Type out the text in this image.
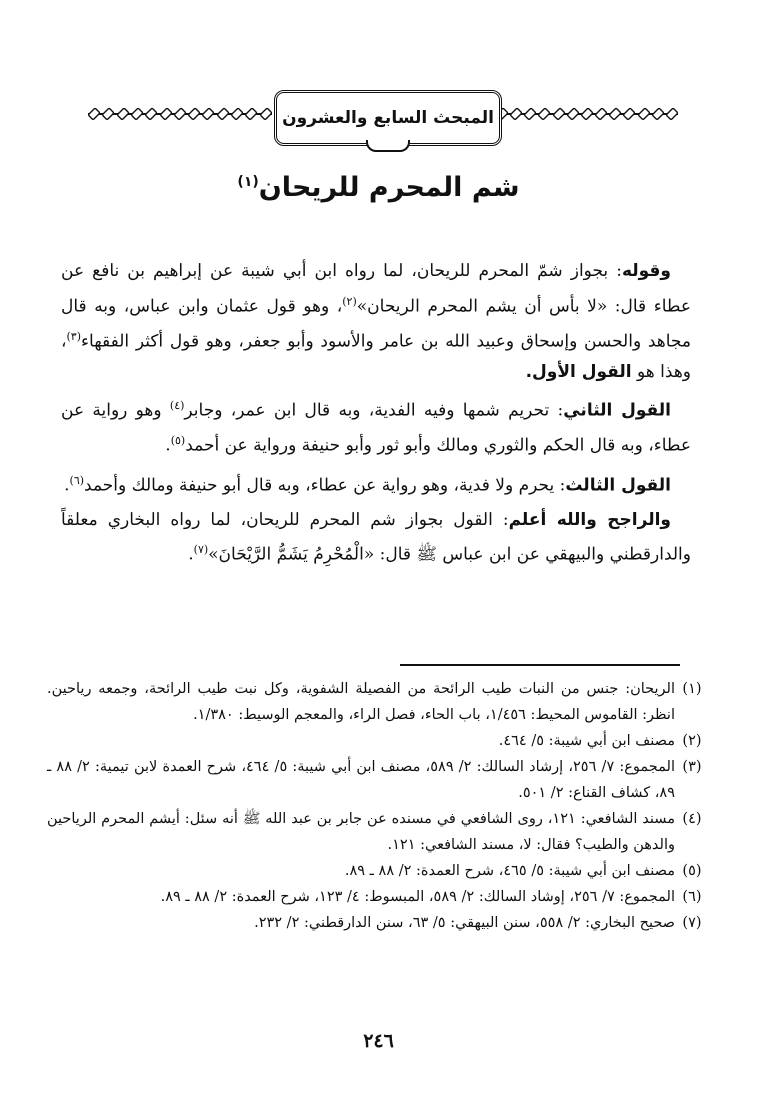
المبحث السابع والعشرون
شم المحرم للريحان$^{(١)}$

وقوله: بجواز شمّ المحرم للريحان، لما رواه ابن أبي شيبة عن إبراهيم بن نافع عن عطاء قال: «لا بأس أن يشم المحرم الريحان»$^{(٢)}$، وهو قول عثمان وابن عباس، وبه قال مجاهد والحسن وإسحاق وعبيد الله بن عامر والأسود وأبو جعفر، وهو قول أكثر الفقهاء$^{(٣)}$، وهذا هو القول الأول.

القول الثاني: تحريم شمها وفيه الفدية، وبه قال ابن عمر، وجابر$^{(٤)}$ وهو رواية عن عطاء، وبه قال الحكم والثوري ومالك وأبو ثور وأبو حنيفة ورواية عن أحمد$^{(٥)}$.

القول الثالث: يحرم ولا فدية، وهو رواية عن عطاء، وبه قال أبو حنيفة ومالك وأحمد$^{(٦)}$.

والراجح والله أعلم: القول بجواز شم المحرم للريحان، لما رواه البخاري معلقاً والدارقطني والبيهقي عن ابن عباس ﷺ قال: «الْمُحْرِمُ يَشَمُّ الرَّيْحَانَ»$^{(٧)}$.

(١)
الريحان: جنس من النبات طيب الرائحة من الفصيلة الشفوية، وكل نبت طيب الرائحة، وجمعه رياحين. انظر: القاموس المحيط: ١/٤٥٦، باب الحاء، فصل الراء، والمعجم الوسيط: ١/٣٨٠.
(٢)
مصنف ابن أبي شيبة: ٥/ ٤٦٤.
(٣)
المجموع: ٧/ ٢٥٦، إرشاد السالك: ٢/ ٥٨٩، مصنف ابن أبي شيبة: ٥/ ٤٦٤، شرح العمدة لابن تيمية: ٢/ ٨٨ ـ ٨٩، كشاف القناع: ٢/ ٥٠١.
(٤)
مسند الشافعي: ١٢١، روى الشافعي في مسنده عن جابر بن عبد الله ﷺ أنه سئل: أيشم المحرم الرياحين والدهن والطيب؟ فقال: لا، مسند الشافعي: ١٢١.
(٥)
مصنف ابن أبي شيبة: ٥/ ٤٦٥، شرح العمدة: ٢/ ٨٨ ـ ٨٩.
(٦)
المجموع: ٧/ ٢٥٦، إوشاد السالك: ٢/ ٥٨٩، المبسوط: ٤/ ١٢٣، شرح العمدة: ٢/ ٨٨ ـ ٨٩.
(٧)
صحيح البخاري: ٢/ ٥٥٨، سنن البيهقي: ٥/ ٦٣، سنن الدارقطني: ٢/ ٢٣٢.
٢٤٦
